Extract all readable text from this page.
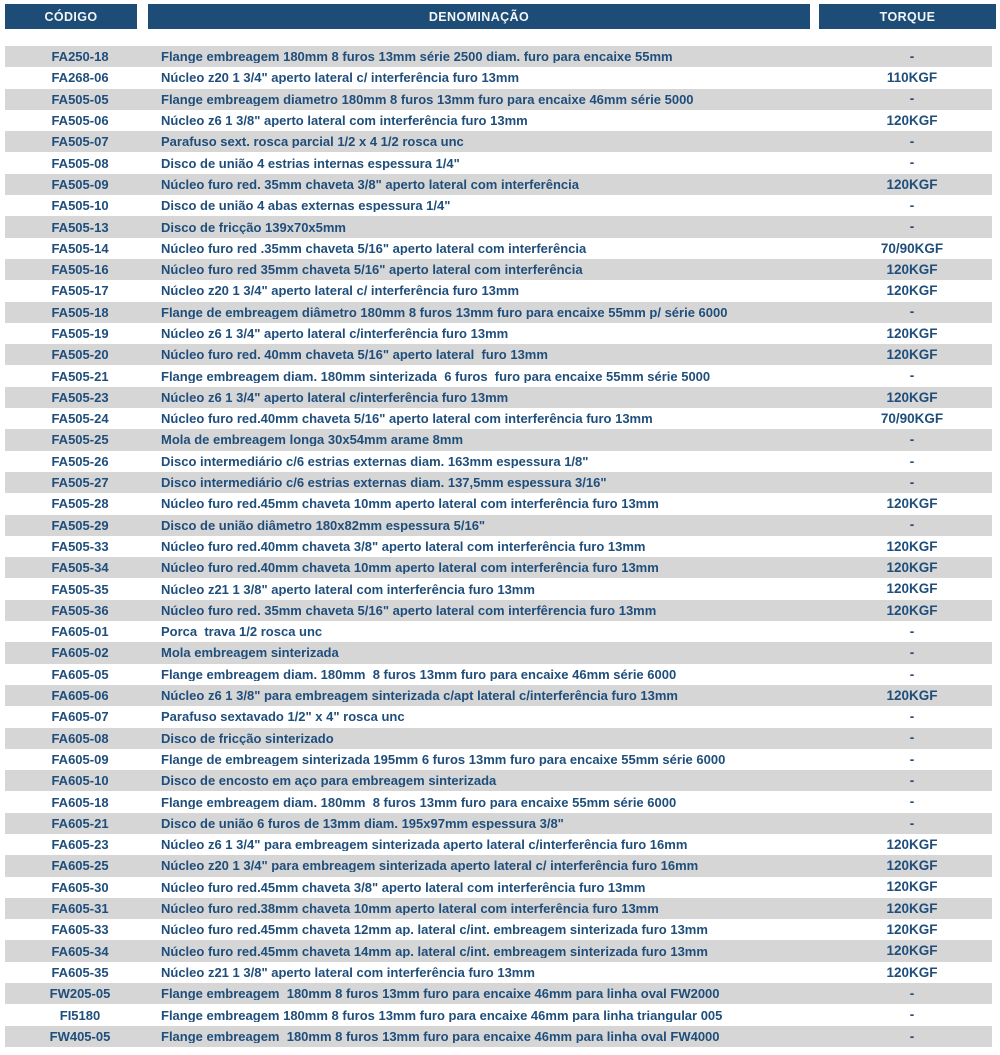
CÓDIGO	DENOMINAÇÃO	TORQUE
FA250-18	Flange embreagem 180mm 8 furos 13mm série 2500 diam. furo para encaixe 55mm	-
FA268-06	Núcleo z20 1 3/4" aperto lateral c/ interferência furo 13mm	110KGF
FA505-05	Flange embreagem diametro 180mm 8 furos 13mm furo para encaixe 46mm série 5000	-
FA505-06	Núcleo z6 1 3/8" aperto lateral com interferência furo 13mm	120KGF
FA505-07	Parafuso sext. rosca parcial 1/2 x 4 1/2 rosca unc	-
FA505-08	Disco de união 4 estrias internas espessura 1/4"	-
FA505-09	Núcleo furo red. 35mm chaveta 3/8" aperto lateral com interferência	120KGF
FA505-10	Disco de união 4 abas externas espessura 1/4"	-
FA505-13	Disco de fricção 139x70x5mm	-
FA505-14	Núcleo furo red .35mm chaveta 5/16" aperto lateral com interferência	70/90KGF
FA505-16	Núcleo furo red 35mm chaveta 5/16" aperto lateral com interferência	120KGF
FA505-17	Núcleo z20 1 3/4" aperto lateral c/ interferência furo 13mm	120KGF
FA505-18	Flange de embreagem diâmetro 180mm 8 furos 13mm furo para encaixe 55mm p/ série 6000	-
FA505-19	Núcleo z6 1 3/4" aperto lateral c/interferência furo 13mm	120KGF
FA505-20	Núcleo furo red. 40mm chaveta 5/16" aperto lateral  furo 13mm	120KGF
FA505-21	Flange embreagem diam. 180mm sinterizada  6 furos  furo para encaixe 55mm série 5000	-
FA505-23	Núcleo z6 1 3/4" aperto lateral c/interferência furo 13mm	120KGF
FA505-24	Núcleo furo red.40mm chaveta 5/16" aperto lateral com interferência furo 13mm	70/90KGF
FA505-25	Mola de embreagem longa 30x54mm arame 8mm	-
FA505-26	Disco intermediário c/6 estrias externas diam. 163mm espessura 1/8"	-
FA505-27	Disco intermediário c/6 estrias externas diam. 137,5mm espessura 3/16"	-
FA505-28	Núcleo furo red.45mm chaveta 10mm aperto lateral com interferência furo 13mm	120KGF
FA505-29	Disco de união diâmetro 180x82mm espessura 5/16"	-
FA505-33	Núcleo furo red.40mm chaveta 3/8" aperto lateral com interferência furo 13mm	120KGF
FA505-34	Núcleo furo red.40mm chaveta 10mm aperto lateral com interferência furo 13mm	120KGF
FA505-35	Núcleo z21 1 3/8" aperto lateral com interferência furo 13mm	120KGF
FA505-36	Núcleo furo red. 35mm chaveta 5/16" aperto lateral com interfêrencia furo 13mm	120KGF
FA605-01	Porca  trava 1/2 rosca unc	-
FA605-02	Mola embreagem sinterizada	-
FA605-05	Flange embreagem diam. 180mm  8 furos 13mm furo para encaixe 46mm série 6000	-
FA605-06	Núcleo z6 1 3/8" para embreagem sinterizada c/apt lateral c/interferência furo 13mm	120KGF
FA605-07	Parafuso sextavado 1/2" x 4" rosca unc	-
FA605-08	Disco de fricção sinterizado	-
FA605-09	Flange de embreagem sinterizada 195mm 6 furos 13mm furo para encaixe 55mm série 6000	-
FA605-10	Disco de encosto em aço para embreagem sinterizada	-
FA605-18	Flange embreagem diam. 180mm  8 furos 13mm furo para encaixe 55mm série 6000	-
FA605-21	Disco de união 6 furos de 13mm diam. 195x97mm espessura 3/8"	-
FA605-23	Núcleo z6 1 3/4" para embreagem sinterizada aperto lateral c/interferência furo 16mm	120KGF
FA605-25	Núcleo z20 1 3/4" para embreagem sinterizada aperto lateral c/ interferência furo 16mm	120KGF
FA605-30	Núcleo furo red.45mm chaveta 3/8" aperto lateral com interferência furo 13mm	120KGF
FA605-31	Núcleo furo red.38mm chaveta 10mm aperto lateral com interferência furo 13mm	120KGF
FA605-33	Núcleo furo red.45mm chaveta 12mm ap. lateral c/int. embreagem sinterizada furo 13mm	120KGF
FA605-34	Núcleo furo red.45mm chaveta 14mm ap. lateral c/int. embreagem sinterizada furo 13mm	120KGF
FA605-35	Núcleo z21 1 3/8" aperto lateral com interferência furo 13mm	120KGF
FW205-05	Flange embreagem  180mm 8 furos 13mm furo para encaixe 46mm para linha oval FW2000	-
FI5180	Flange embreagem 180mm 8 furos 13mm furo para encaixe 46mm para linha triangular 005	-
FW405-05	Flange embreagem  180mm 8 furos 13mm furo para encaixe 46mm para linha oval FW4000	-
